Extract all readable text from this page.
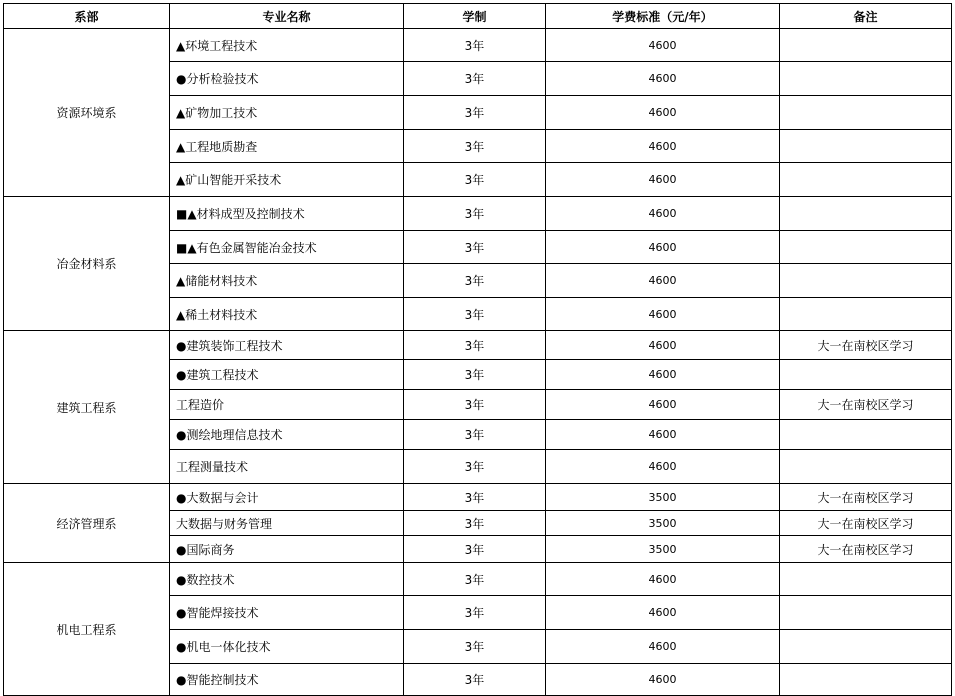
系部	专业名称	学制	学费标准（元/年）	备注
资源环境系	▲环境工程技术	3年	4600	
	●分析检验技术	3年	4600	
	▲矿物加工技术	3年	4600	
	▲工程地质勘查	3年	4600	
	▲矿山智能开采技术	3年	4600	
冶金材料系	■▲材料成型及控制技术	3年	4600	
	■▲有色金属智能冶金技术	3年	4600	
	▲储能材料技术	3年	4600	
	▲稀土材料技术	3年	4600	
建筑工程系	●建筑装饰工程技术	3年	4600	大一在南校区学习
	●建筑工程技术	3年	4600	
	工程造价	3年	4600	大一在南校区学习
	●测绘地理信息技术	3年	4600	
	工程测量技术	3年	4600	
经济管理系	●大数据与会计	3年	3500	大一在南校区学习
	大数据与财务管理	3年	3500	大一在南校区学习
	●国际商务	3年	3500	大一在南校区学习
机电工程系	●数控技术	3年	4600	
	●智能焊接技术	3年	4600	
	●机电一体化技术	3年	4600	
	●智能控制技术	3年	4600	
